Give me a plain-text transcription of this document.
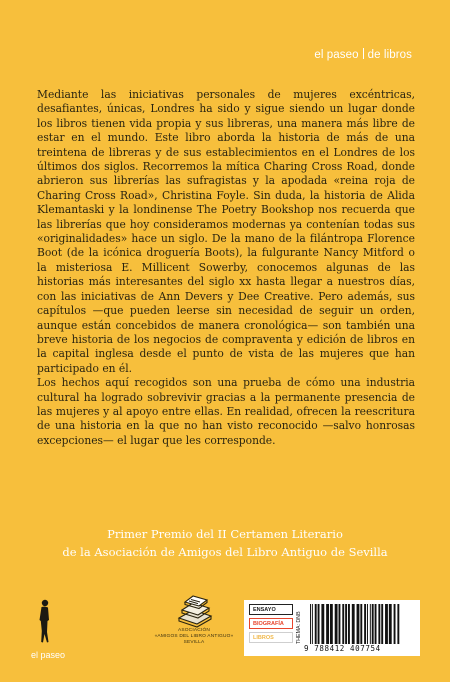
el paseo de libros

Mediante las iniciativas personales de mujeres excéntricas, desafiantes, únicas, Londres ha sido y sigue siendo un lugar donde los libros tienen vida propia y sus libreras, una manera más libre de estar en el mundo. Este libro aborda la historia de más de una treintena de libreras y de sus establecimientos en el Londres de los últimos dos siglos. Recorremos la mítica Charing Cross Road, donde abrieron sus librerías las sufragistas y la apodada «reina roja de Charing Cross Road», Christina Foyle. Sin duda, la historia de Alida Klemantaski y la londinense The Poetry Bookshop nos recuerda que las librerías que hoy consideramos modernas ya contenían todas sus «originalidades» hace un siglo. De la mano de la filántropa Florence Boot (de la icónica droguería Boots), la fulgurante Nancy Mitford o la misteriosa E. Millicent Sowerby, conocemos algunas de las historias más interesantes del siglo xx hasta llegar a nuestros días, con las iniciativas de Ann Devers y Dee Creative. Pero además, sus capítulos —que pueden leerse sin necesidad de seguir un orden, aunque están concebidos de manera cronológica— son también una breve historia de los negocios de compraventa y edición de libros en la capital inglesa desde el punto de vista de las mujeres que han participado en él.

Los hechos aquí recogidos son una prueba de cómo una industria cultural ha logrado sobrevivir gracias a la permanente presencia de las mujeres y al apoyo entre ellas. En realidad, ofrecen la reescritura de una historia en la que no han visto reconocido —salvo honrosas excepciones— el lugar que les corresponde.

Primer Premio del II Certamen Literario
de la Asociación de Amigos del Libro Antiguo de Sevilla
el paseo
ASOCIACIÓN
«AMIGOS DEL LIBRO ANTIGUO»
SEVILLA
ENSAYO
BIOGRAFÍA
LIBROS	THEMA: DNB
9 788412 407754
